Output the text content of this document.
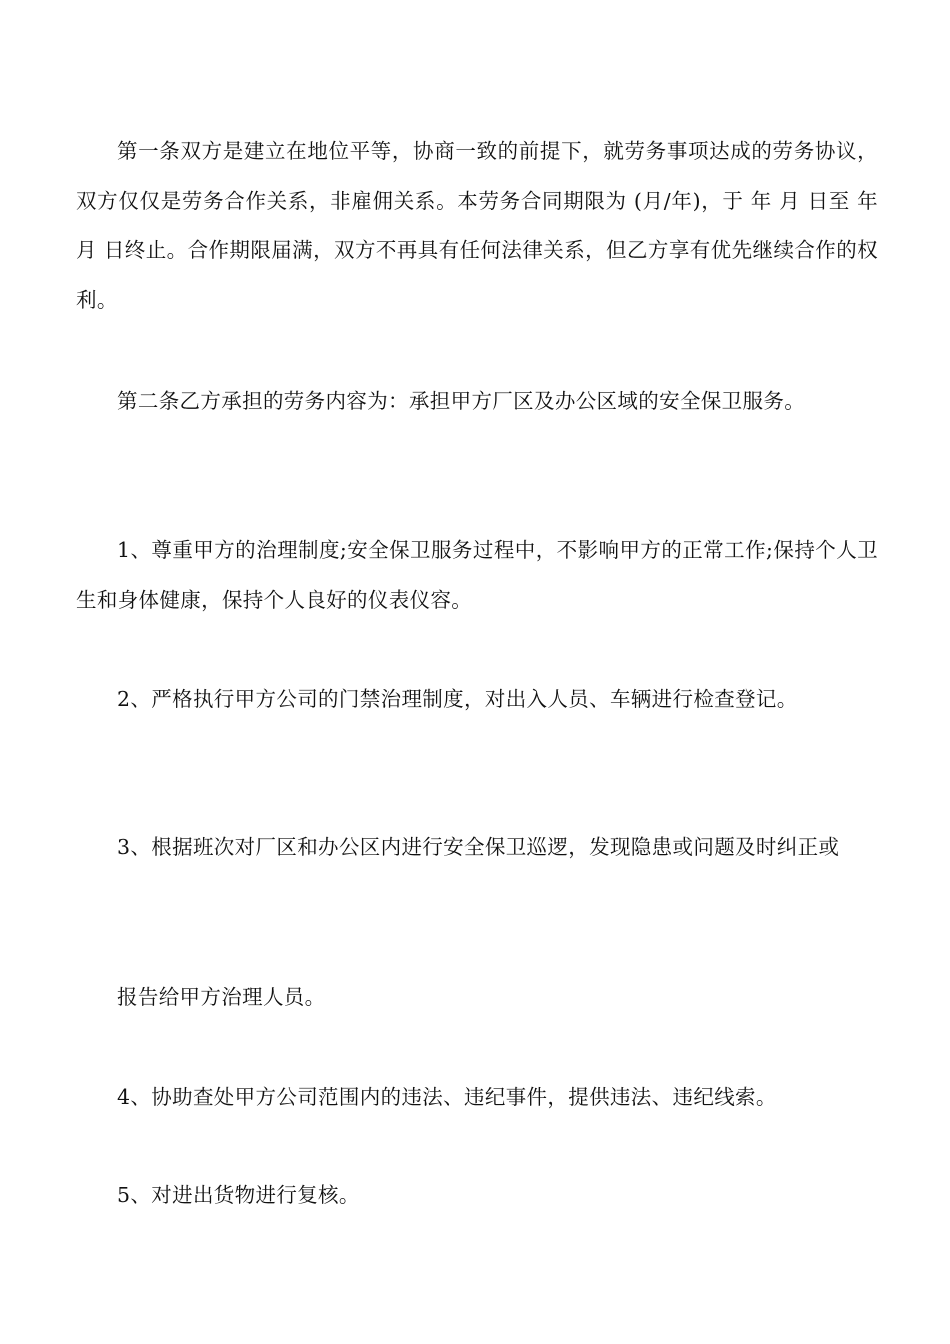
第一条双方是建立在地位平等，协商一致的前提下，就劳务事项达成的劳务协议，双方仅仅是劳务合作关系，非雇佣关系。本劳务合同期限为 (月/年)，于 年 月 日至 年 月 日终止。合作期限届满，双方不再具有任何法律关系，但乙方享有优先继续合作的权利。

第二条乙方承担的劳务内容为：承担甲方厂区及办公区域的安全保卫服务。

1、尊重甲方的治理制度;安全保卫服务过程中，不影响甲方的正常工作;保持个人卫生和身体健康，保持个人良好的仪表仪容。

2、严格执行甲方公司的门禁治理制度，对出入人员、车辆进行检查登记。

3、根据班次对厂区和办公区内进行安全保卫巡逻，发现隐患或问题及时纠正或

报告给甲方治理人员。

4、协助查处甲方公司范围内的违法、违纪事件，提供违法、违纪线索。

5、对进出货物进行复核。
